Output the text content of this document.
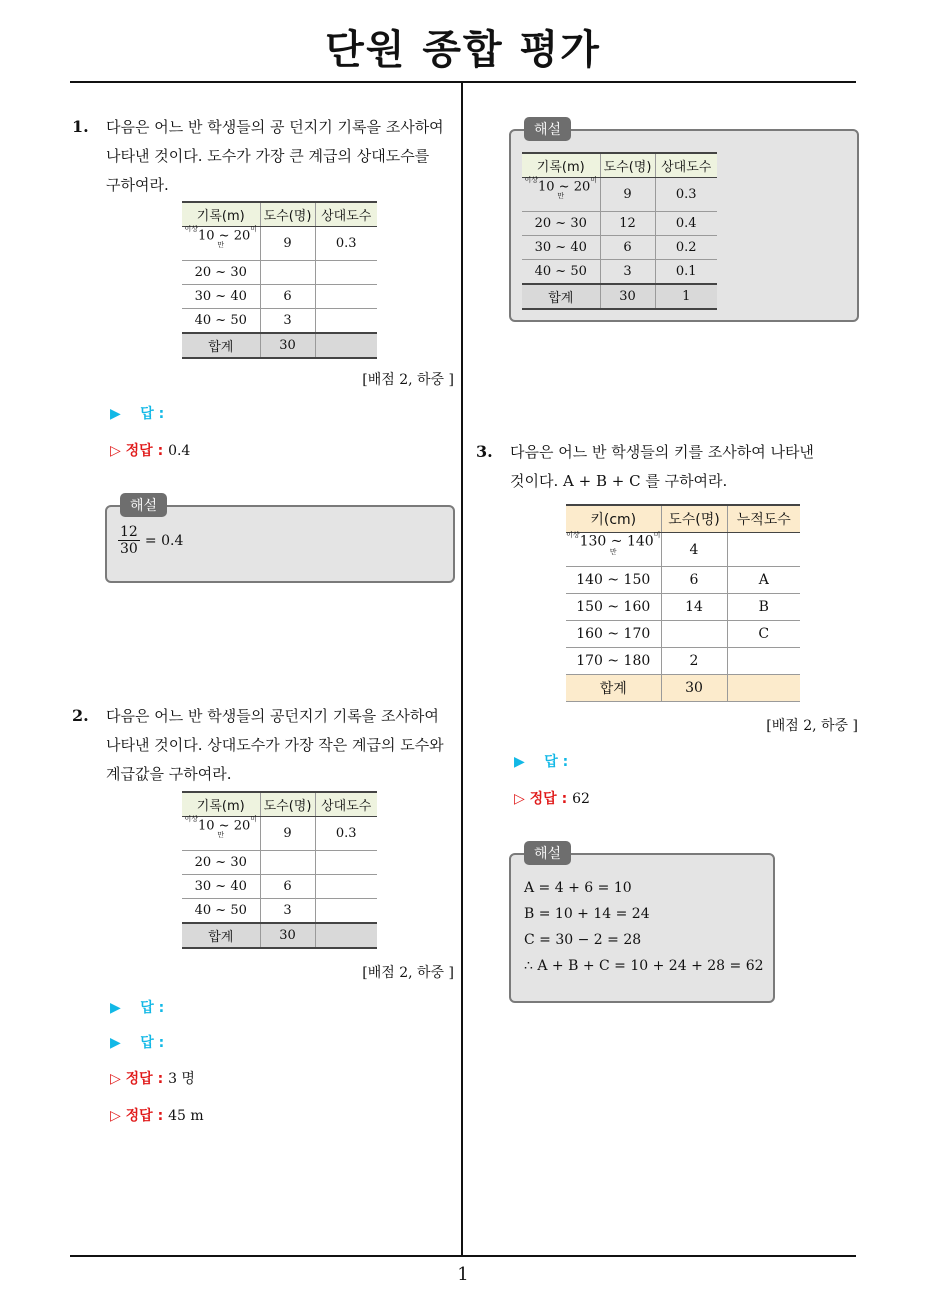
단원 종합 평가
1
1. 다음은 어느 반 학생들의 공 던지기 기록을 조사하여
나타낸 것이다. 도수가 가장 큰 계급의 상대도수를
구하여라.
기록(m)	도수(명)	상대도수
$^{이상}$10 ~ $20^{미만}$	9	0.3
20 ~ 30		
30 ~ 40	6	
40 ~ 50	3	
합계	30	
[배점 2, 하중 ]
▶ 답 :
▷ 정답 : 0.4
해설
$\frac{12}{30} = 0.4$
2. 다음은 어느 반 학생들의 공던지기 기록을 조사하여
나타낸 것이다. 상대도수가 가장 작은 계급의 도수와
계급값을 구하여라.
기록(m)	도수(명)	상대도수
$^{이상}$10 ~ $20^{미만}$	9	0.3
20 ~ 30		
30 ~ 40	6	
40 ~ 50	3	
합계	30	
[배점 2, 하중 ]
▶ 답 :
▶ 답 :
▷ 정답 : 3 명
▷ 정답 : 45 m
해설
기록(m)	도수(명)	상대도수
$^{이상}$10 ~ $20^{미만}$	9	0.3
20 ~ 30	12	0.4
30 ~ 40	6	0.2
40 ~ 50	3	0.1
합계	30	1
3. 다음은 어느 반 학생들의 키를 조사하여 나타낸
것이다. A + B + C 를 구하여라.
키(cm)	도수(명)	누적도수
$^{이상}$130 ~ $140^{미만}$	4	
140 ~ 150	6	A
150 ~ 160	14	B
160 ~ 170		C
170 ~ 180	2	
합계	30	
[배점 2, 하중 ]
▶ 답 :
▷ 정답 : 62
해설
A = 4 + 6 = 10
B = 10 + 14 = 24
C = 30 − 2 = 28
∴ A + B + C = 10 + 24 + 28 = 62
